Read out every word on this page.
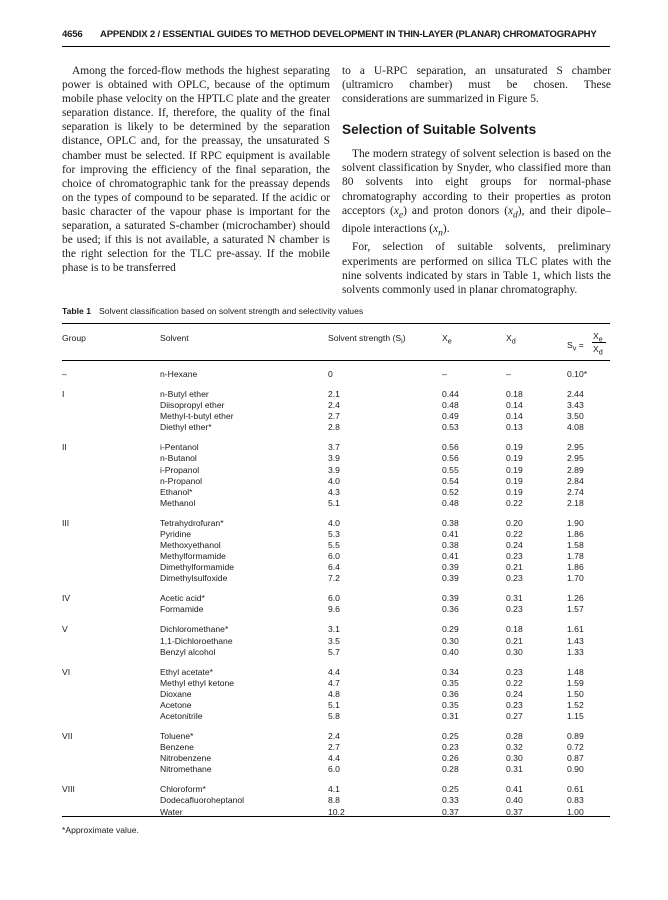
4656 APPENDIX 2 / ESSENTIAL GUIDES TO METHOD DEVELOPMENT IN THIN-LAYER (PLANAR) CHROMATOGRAPHY

Among the forced-flow methods the highest separating power is obtained with OPLC, because of the optimum mobile phase velocity on the HPTLC plate and the greater separation distance. If, therefore, the quality of the final separation is likely to be determined by the separation distance, OPLC and, for the preassay, the unsaturated S chamber must be selected. If RPC equipment is available for improving the efficiency of the final separation, the choice of chromatographic tank for the preassay depends on the types of compound to be separated. If the acidic or basic character of the vapour phase is important for the separation, a saturated S-chamber (microchamber) should be used; if this is not available, a saturated N chamber is the right selection for the TLC pre-assay. If the mobile phase is to be transferred

to a U-RPC separation, an unsaturated S chamber (ultramicro chamber) must be chosen. These considerations are summarized in Figure 5.

Selection of Suitable Solvents

The modern strategy of solvent selection is based on the solvent classification by Snyder, who classified more than 80 solvents into eight groups for normal-phase chromatography according to their properties as proton acceptors $(x_e)$ and proton donors $(x_d)$, and their dipole–dipole interactions $(x_n)$.

For, selection of suitable solvents, preliminary experiments are performed on silica TLC plates with the nine solvents indicated by stars in Table 1, which lists the solvents commonly used in planar chromatography.

Table 1 Solvent classification based on solvent strength and selectivity values
Group	Solvent	Solvent strength $(S_i)$	$X_e$	$X_d$	$S_v$ =
$X_e$
$X_d$
–	n-Hexane	0	–	–	0.10*
I	n-Butyl ether	2.1	0.44	0.18	2.44
Diisopropyl ether	2.4	0.48	0.14	3.43
Methyl-t-butyl ether	2.7	0.49	0.14	3.50
Diethyl ether*	2.8	0.53	0.13	4.08
II	i-Pentanol	3.7	0.56	0.19	2.95
n-Butanol	3.9	0.56	0.19	2.95
i-Propanol	3.9	0.55	0.19	2.89
n-Propanol	4.0	0.54	0.19	2.84
Ethanol*	4.3	0.52	0.19	2.74
Methanol	5.1	0.48	0.22	2.18
III	Tetrahydrofuran*	4.0	0.38	0.20	1.90
Pyridine	5.3	0.41	0.22	1.86
Methoxyethanol	5.5	0.38	0.24	1.58
Methylformamide	6.0	0.41	0.23	1.78
Dimethylformamide	6.4	0.39	0.21	1.86
Dimethylsulfoxide	7.2	0.39	0.23	1.70
IV	Acetic acid*	6.0	0.39	0.31	1.26
Formamide	9.6	0.36	0.23	1.57
V	Dichloromethane*	3.1	0.29	0.18	1.61
1,1-Dichloroethane	3.5	0.30	0.21	1.43
Benzyl alcohol	5.7	0.40	0.30	1.33
VI	Ethyl acetate*	4.4	0.34	0.23	1.48
Methyl ethyl ketone	4.7	0.35	0.22	1.59
Dioxane	4.8	0.36	0.24	1.50
Acetone	5.1	0.35	0.23	1.52
Acetonitrile	5.8	0.31	0.27	1.15
VII	Toluene*	2.4	0.25	0.28	0.89
Benzene	2.7	0.23	0.32	0.72
Nitrobenzene	4.4	0.26	0.30	0.87
Nitromethane	6.0	0.28	0.31	0.90
VIII	Chloroform*	4.1	0.25	0.41	0.61
Dodecafluoroheptanol	8.8	0.33	0.40	0.83
Water	10.2	0.37	0.37	1.00
*Approximate value.
